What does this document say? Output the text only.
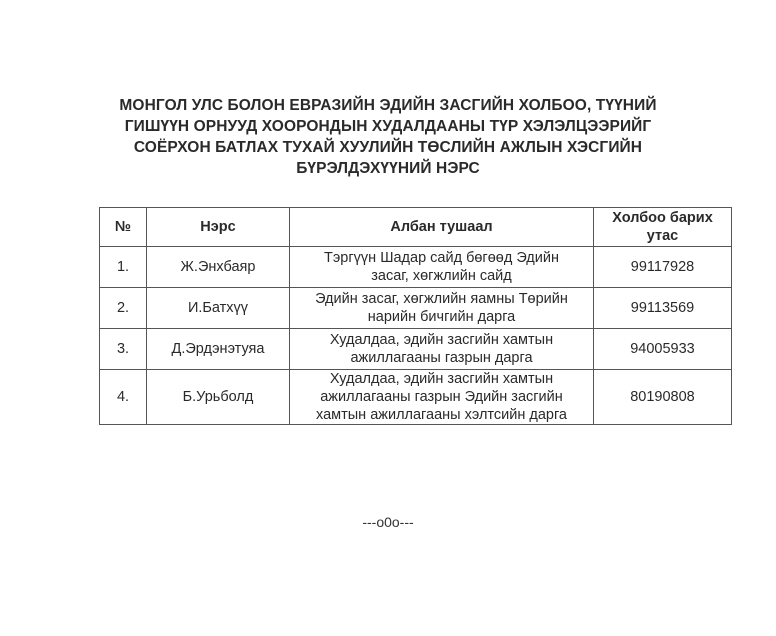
МОНГОЛ УЛС БОЛОН ЕВРАЗИЙН ЭДИЙН ЗАСГИЙН ХОЛБОО, ТҮҮНИЙ
ГИШҮҮН ОРНУУД ХООРОНДЫН ХУДАЛДААНЫ ТҮР ХЭЛЭЛЦЭЭРИЙГ
СОЁРХОН БАТЛАХ ТУХАЙ ХУУЛИЙН ТӨСЛИЙН АЖЛЫН ХЭСГИЙН
БҮРЭЛДЭХҮҮНИЙ НЭРС
№	Нэрс	Албан тушаал	Холбоо барих
утас
1.	Ж.Энхбаяр	Тэргүүн Шадар сайд бөгөөд Эдийн
засаг, хөгжлийн сайд	99117928
2.	И.Батхүү	Эдийн засаг, хөгжлийн яамны Төрийн
нарийн бичгийн дарга	99113569
3.	Д.Эрдэнэтуяа	Худалдаа, эдийн засгийн хамтын
ажиллагааны газрын дарга	94005933
4.	Б.Урьболд	Худалдаа, эдийн засгийн хамтын
ажиллагааны газрын Эдийн засгийн
хамтын ажиллагааны хэлтсийн дарга	80190808
---o0o---
